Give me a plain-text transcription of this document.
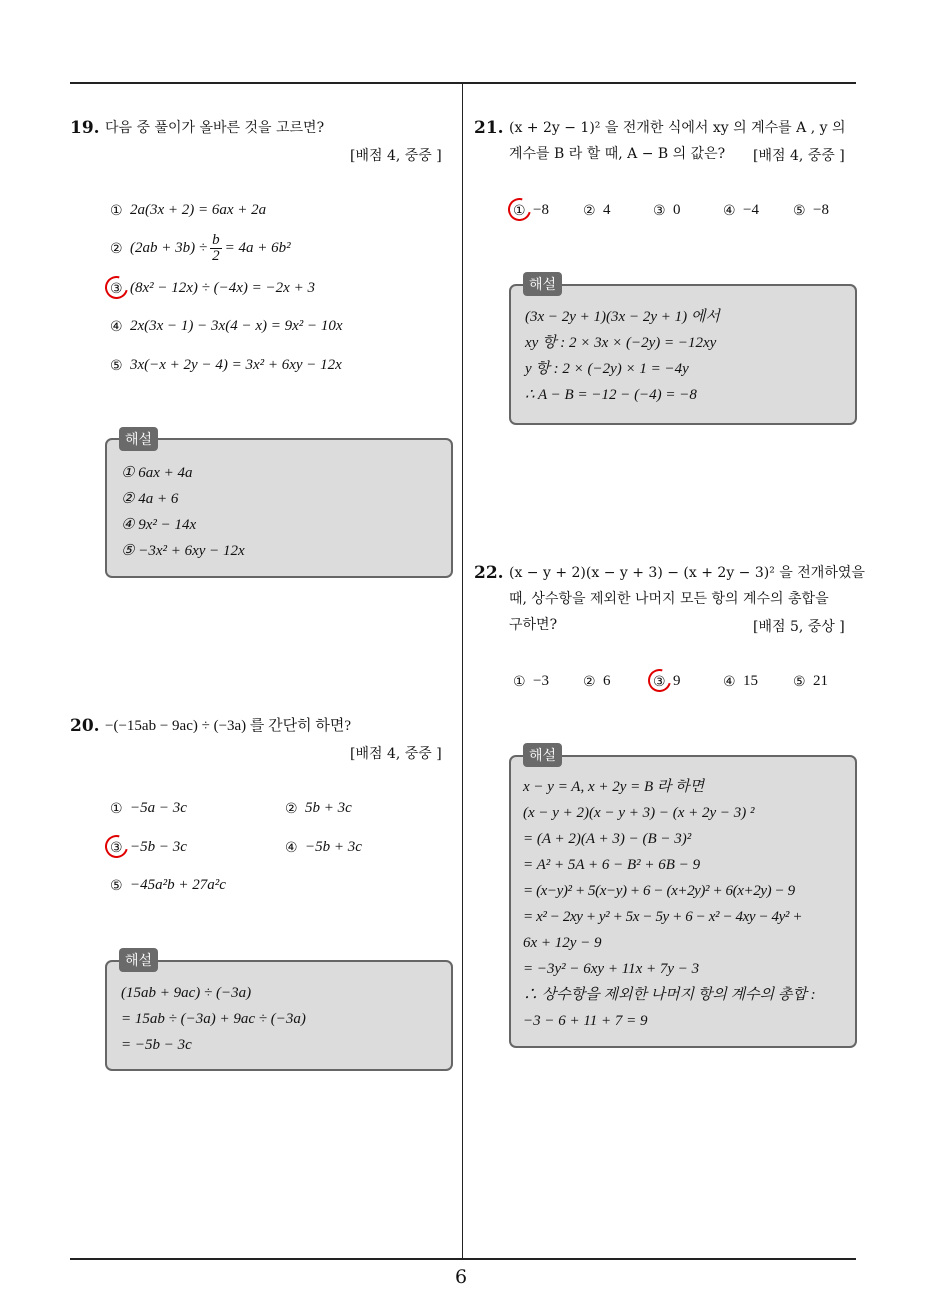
6
19. 다음 중 풀이가 올바른 것을 고르면?
[배점 4, 중중 ]
① 2a(3x + 2) = 6ax + 2a
② $(2ab + 3b) \div \frac{b}{2} = 4a + 6b^2$
③ (8x² − 12x) ÷ (−4x) = −2x + 3
④ 2x(3x − 1) − 3x(4 − x) = 9x² − 10x
⑤ 3x(−x + 2y − 4) = 3x² + 6xy − 12x
① 6ax + 4a
② 4a + 6
④ 9x² − 14x
⑤ −3x² + 6xy − 12x
해설
20. −(−15ab − 9ac) ÷ (−3a) 를 간단히 하면?
[배점 4, 중중 ]
① −5a − 3c	② 5b + 3c
③ −5b − 3c	④ −5b + 3c
⑤ −45a²b + 27a²c
(15ab + 9ac) ÷ (−3a)
= 15ab ÷ (−3a) + 9ac ÷ (−3a)
= −5b − 3c
해설
21. (x + 2y − 1)² 을 전개한 식에서 xy 의 계수를 A , y 의
계수를 B 라 할 때, A − B 의 값은? [배점 4, 중중 ]
① −8 ② 4	③ 0	④ −4 ⑤ −8
(3x − 2y + 1)(3x − 2y + 1) 에서
xy 항 : 2 × 3x × (−2y) = −12xy
y 항 : 2 × (−2y) × 1 = −4y
∴ A − B = −12 − (−4) = −8
해설
22. (x − y + 2)(x − y + 3) − (x + 2y − 3)² 을 전개하였을
때, 상수항을 제외한 나머지 모든 항의 계수의 총합을
구하면?	[배점 5, 중상 ]
① −3 ② 6	③ 9	④ 15	⑤ 21
x − y = A, x + 2y = B 라 하면
(x − y + 2)(x − y + 3) − (x + 2y − 3) ²
= (A + 2)(A + 3) − (B − 3)²
= A² + 5A + 6 − B² + 6B − 9
= (x−y)² + 5(x−y) + 6 − (x+2y)² + 6(x+2y) − 9
= x² − 2xy + y² + 5x − 5y + 6 − x² − 4xy − 4y² +
6x + 12y − 9
= −3y² − 6xy + 11x + 7y − 3
∴ 상수항을 제외한 나머지 항의 계수의 총합 :
−3 − 6 + 11 + 7 = 9
해설
